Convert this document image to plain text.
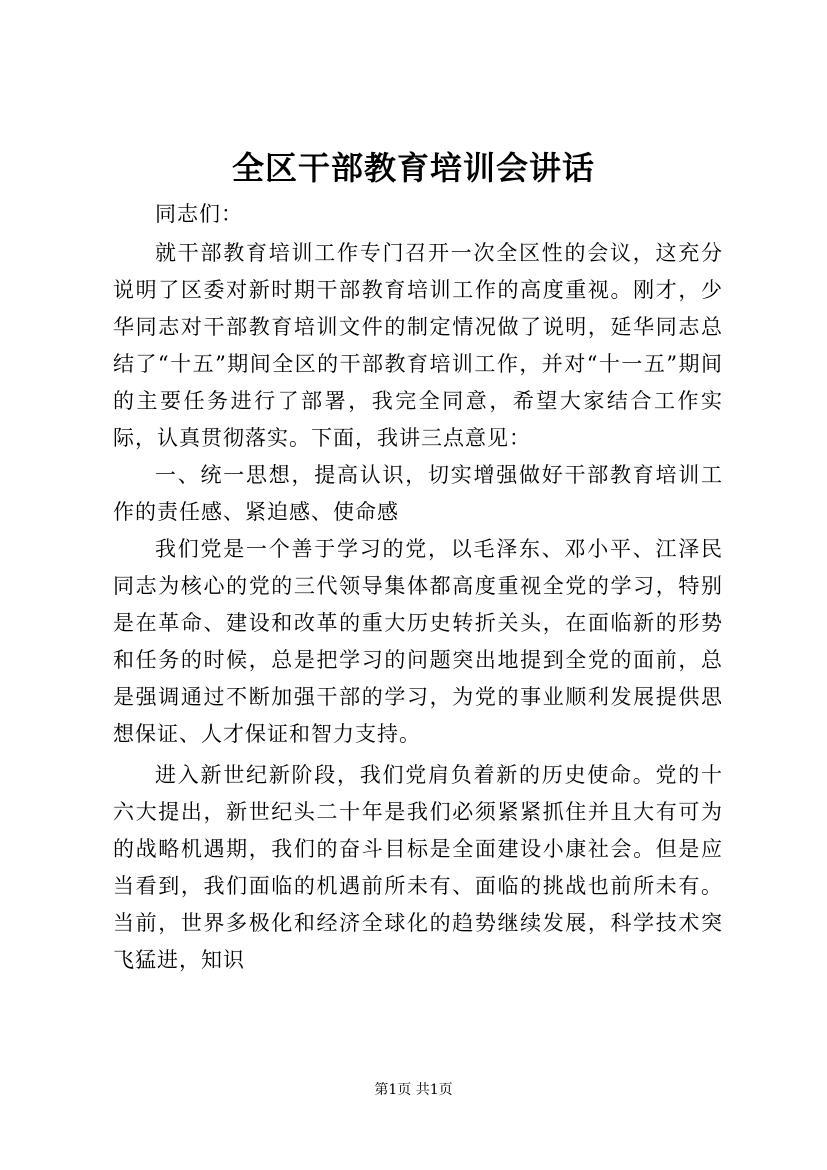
全区干部教育培训会讲话

同志们：

就干部教育培训工作专门召开一次全区性的会议，这充分说明了区委对新时期干部教育培训工作的高度重视。刚才，少华同志对干部教育培训文件的制定情况做了说明，延华同志总结了“十五”期间全区的干部教育培训工作，并对“十一五”期间的主要任务进行了部署，我完全同意，希望大家结合工作实际，认真贯彻落实。下面，我讲三点意见：

一、统一思想，提高认识，切实增强做好干部教育培训工作的责任感、紧迫感、使命感

我们党是一个善于学习的党，以毛泽东、邓小平、江泽民同志为核心的党的三代领导集体都高度重视全党的学习，特别是在革命、建设和改革的重大历史转折关头，在面临新的形势和任务的时候，总是把学习的问题突出地提到全党的面前，总是强调通过不断加强干部的学习，为党的事业顺利发展提供思想保证、人才保证和智力支持。

进入新世纪新阶段，我们党肩负着新的历史使命。党的十六大提出，新世纪头二十年是我们必须紧紧抓住并且大有可为的战略机遇期，我们的奋斗目标是全面建设小康社会。但是应当看到，我们面临的机遇前所未有、面临的挑战也前所未有。当前，世界多极化和经济全球化的趋势继续发展，科学技术突飞猛进，知识

第1页 共1页
